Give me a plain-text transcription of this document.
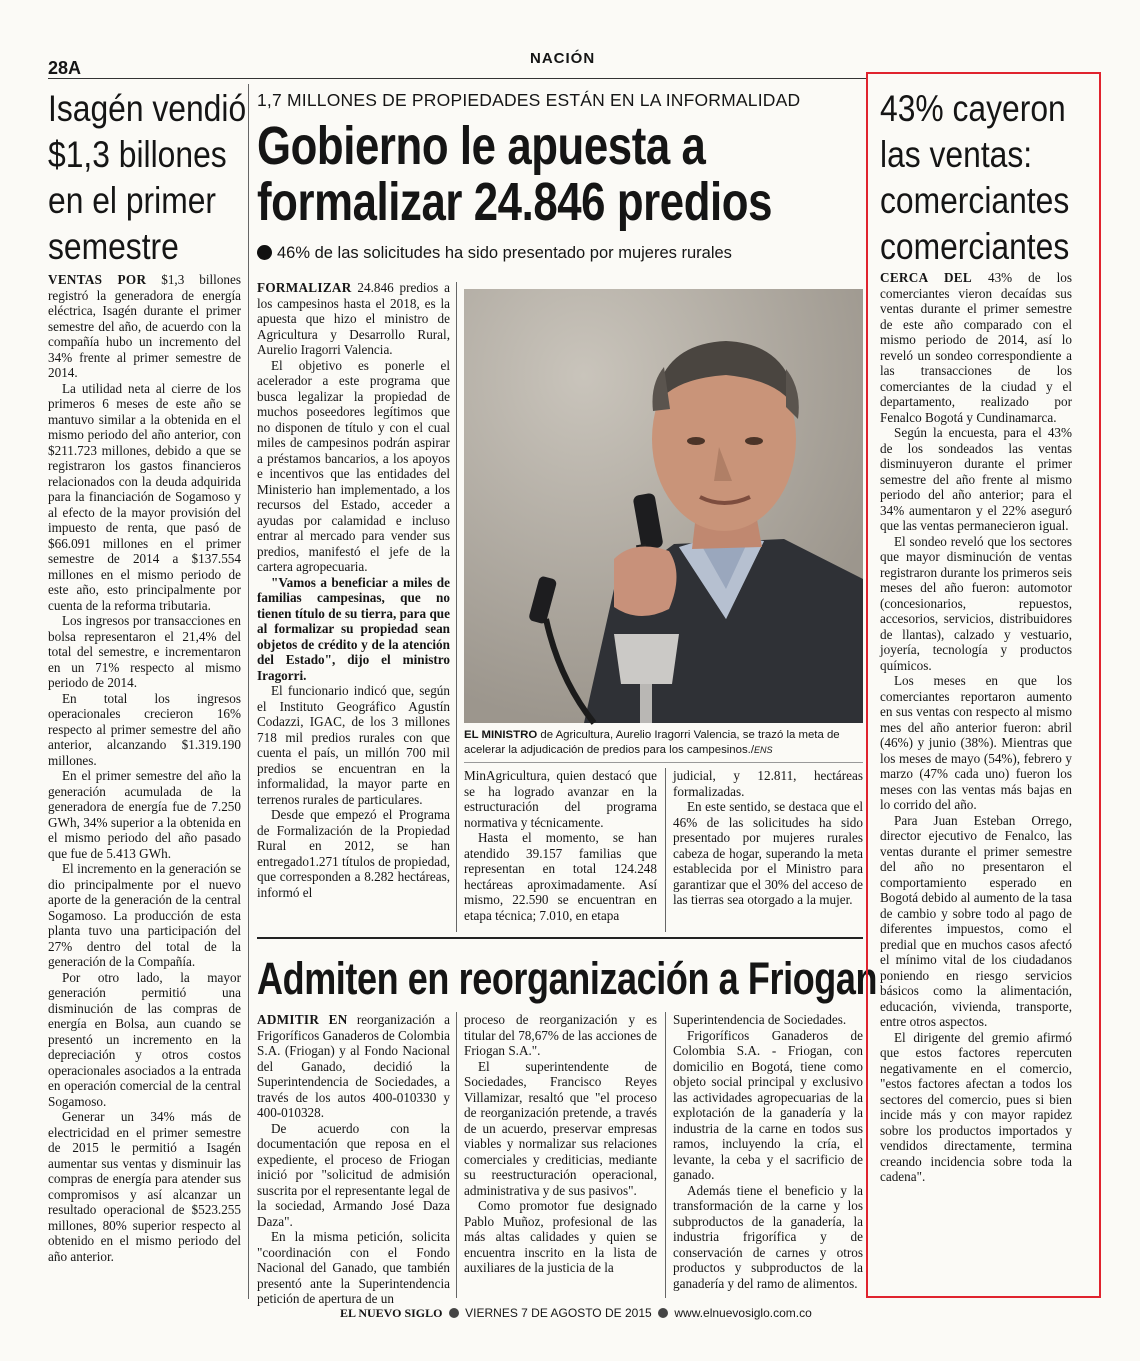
28A	NACIÓN
Isagén vendió
$1,3 billones
en el primer
semestre

VENTAS POR $1,3 billones registró la generadora de energía eléctrica, Isagén durante el primer semestre del año, de acuerdo con la compañía hubo un incremento del 34% frente al primer semestre de 2014.

La utilidad neta al cierre de los primeros 6 meses de este año se mantuvo similar a la obtenida en el mismo periodo del año anterior, con $211.723 millones, debido a que se registraron los gastos financieros relacionados con la deuda adquirida para la financiación de Sogamoso y al efecto de la mayor provisión del impuesto de renta, que pasó de $66.091 millones en el primer semestre de 2014 a $137.554 millones en el mismo periodo de este año, esto principalmente por cuenta de la reforma tributaria.

Los ingresos por transacciones en bolsa representaron el 21,4% del total del semestre, e incrementaron en un 71% respecto al mismo periodo de 2014.

En total los ingresos operacionales crecieron 16% respecto al primer semestre del año anterior, alcanzando $1.319.190 millones.

En el primer semestre del año la generación acumulada de la generadora de energía fue de 7.250 GWh, 34% superior a la obtenida en el mismo periodo del año pasado que fue de 5.413 GWh.

El incremento en la generación se dio principalmente por el nuevo aporte de la generación de la central Sogamoso. La producción de esta planta tuvo una participación del 27% dentro del total de la generación de la Compañía.

Por otro lado, la mayor generación permitió una disminución de las compras de energía en Bolsa, aun cuando se presentó un incremento en la depreciación y otros costos operacionales asociados a la entrada en operación comercial de la central Sogamoso.

Generar un 34% más de electricidad en el primer semestre de 2015 le permitió a Isagén aumentar sus ventas y disminuir las compras de energía para atender sus compromisos y así alcanzar un resultado operacional de $523.255 millones, 80% superior respecto al obtenido en el mismo periodo del año anterior.

1,7 MILLONES DE PROPIEDADES ESTÁN EN LA INFORMALIDAD
Gobierno le apuesta a
formalizar 24.846 predios
46% de las solicitudes ha sido presentado por mujeres rurales

FORMALIZAR 24.846 predios a los campesinos hasta el 2018, es la apuesta que hizo el ministro de Agricultura y Desarrollo Rural, Aurelio Iragorri Valencia.

El objetivo es ponerle el acelerador a este programa que busca legalizar la propiedad de muchos poseedores legítimos que no disponen de título y con el cual miles de campesinos podrán aspirar a préstamos bancarios, a los apoyos e incentivos que las entidades del Ministerio han implementado, a los recursos del Estado, acceder a ayudas por calamidad e incluso entrar al mercado para vender sus predios, manifestó el jefe de la cartera agropecuaria.

"Vamos a beneficiar a miles de familias campesinas, que no tienen título de su tierra, para que al formalizar su propiedad sean objetos de crédito y de la atención del Estado", dijo el ministro Iragorri.

El funcionario indicó que, según el Instituto Geográfico Agustín Codazzi, IGAC, de los 3 millones 718 mil predios rurales con que cuenta el país, un millón 700 mil predios se encuentran en la informalidad, la mayor parte en terrenos rurales de particulares.

Desde que empezó el Programa de Formalización de la Propiedad Rural en 2012, se han entregado1.271 títulos de propiedad, que corresponden a 8.282 hectáreas, informó el

EL MINISTRO de Agricultura, Aurelio Iragorri Valencia, se trazó la meta de acelerar la adjudicación de predios para los campesinos./ENS

MinAgricultura, quien destacó que se ha logrado avanzar en la estructuración del programa normativa y técnicamente.

Hasta el momento, se han atendido 39.157 familias que representan en total 124.248 hectáreas aproximadamente. Así mismo, 22.590 se encuentran en etapa técnica; 7.010, en etapa

judicial, y 12.811, hectáreas formalizadas.

En este sentido, se destaca que el 46% de las solicitudes ha sido presentado por mujeres rurales cabeza de hogar, superando la meta establecida por el Ministro para garantizar que el 30% del acceso de las tierras sea otorgado a la mujer.

Admiten en reorganización a Friogan

ADMITIR EN reorganización a Frigoríficos Ganaderos de Colombia S.A. (Friogan) y al Fondo Nacional del Ganado, decidió la Superintendencia de Sociedades, a través de los autos 400-010330 y 400-010328.

De acuerdo con la documentación que reposa en el expediente, el proceso de Friogan inició por "solicitud de admisión suscrita por el representante legal de la sociedad, Armando José Daza Daza".

En la misma petición, solicita "coordinación con el Fondo Nacional del Ganado, que también presentó ante la Superintendencia petición de apertura de un

proceso de reorganización y es titular del 78,67% de las acciones de Friogan S.A.".

El superintendente de Sociedades, Francisco Reyes Villamizar, resaltó que "el proceso de reorganización pretende, a través de un acuerdo, preservar empresas viables y normalizar sus relaciones comerciales y crediticias, mediante su reestructuración operacional, administrativa y de sus pasivos".

Como promotor fue designado Pablo Muñoz, profesional de las más altas calidades y quien se encuentra inscrito en la lista de auxiliares de la justicia de la

Superintendencia de Sociedades.

Frigoríficos Ganaderos de Colombia S.A. - Friogan, con domicilio en Bogotá, tiene como objeto social principal y exclusivo las actividades agropecuarias de la explotación de la ganadería y la industria de la carne en todos sus ramos, incluyendo la cría, el levante, la ceba y el sacrificio de ganado.

Además tiene el beneficio y la transformación de la carne y los subproductos de la ganadería, la industria frigorífica y de conservación de carnes y otros productos y subproductos de la ganadería y del ramo de alimentos.

43% cayeron
las ventas:
comerciantes
comerciantes

CERCA DEL 43% de los comerciantes vieron decaídas sus ventas durante el primer semestre de este año comparado con el mismo periodo de 2014, así lo reveló un sondeo correspondiente a las transacciones de los comerciantes de la ciudad y el departamento, realizado por Fenalco Bogotá y Cundinamarca.

Según la encuesta, para el 43% de los sondeados las ventas disminuyeron durante el primer semestre del año frente al mismo periodo del año anterior; para el 34% aumentaron y el 22% aseguró que las ventas permanecieron igual.

El sondeo reveló que los sectores que mayor disminución de ventas registraron durante los primeros seis meses del año fueron: automotor (concesionarios, repuestos, accesorios, servicios, distribuidores de llantas), calzado y vestuario, joyería, tecnología y productos químicos.

Los meses en que los comerciantes reportaron aumento en sus ventas con respecto al mismo mes del año anterior fueron: abril (46%) y junio (38%). Mientras que los meses de mayo (54%), febrero y marzo (47% cada uno) fueron los meses con las ventas más bajas en lo corrido del año.

Para Juan Esteban Orrego, director ejecutivo de Fenalco, las ventas durante el primer semestre del año no presentaron el comportamiento esperado en Bogotá debido al aumento de la tasa de cambio y sobre todo al pago de diferentes impuestos, como el predial que en muchos casos afectó el mínimo vital de los ciudadanos poniendo en riesgo servicios básicos como la alimentación, educación, vivienda, transporte, entre otros aspectos.

El dirigente del gremio afirmó que estos factores repercuten negativamente en el comercio, "estos factores afectan a todos los sectores del comercio, pues si bien incide más y con mayor rapidez sobre los productos importados y vendidos directamente, termina creando incidencia sobre toda la cadena".

EL NUEVO SIGLO VIERNES 7 DE AGOSTO DE 2015 www.elnuevosiglo.com.co
